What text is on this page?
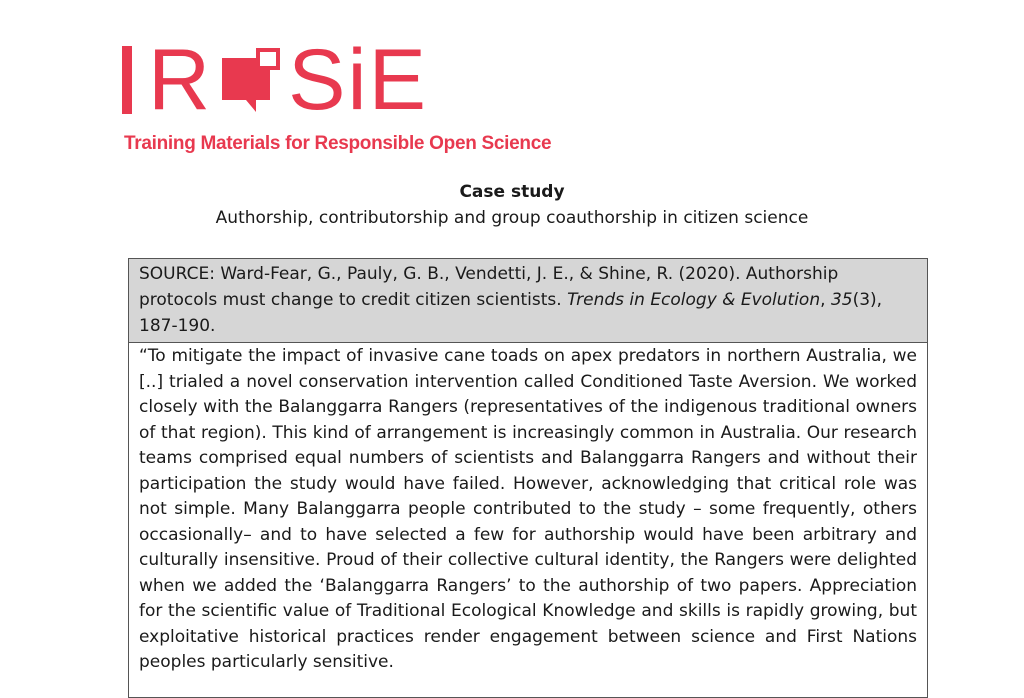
R SiE
Training Materials for Responsible Open Science
Case study
Authorship, contributorship and group coauthorship in citizen science
SOURCE: Ward-Fear, G., Pauly, G. B., Vendetti, J. E., & Shine, R. (2020). Authorship protocols must change to credit citizen scientists. Trends in Ecology & Evolution, 35(3), 187-190.
“To mitigate the impact of invasive cane toads on apex predators in northern Australia, we [..] trialed a novel conservation intervention called Conditioned Taste Aversion. We worked closely with the Balanggarra Rangers (representatives of the indigenous traditional owners of that region). This kind of arrangement is increasingly common in Australia. Our research teams comprised equal numbers of scientists and Balanggarra Rangers and without their participation the study would have failed. However, acknowledging that critical role was not simple. Many Balanggarra people contributed to the study – some frequently, others occasionally– and to have selected a few for authorship would have been arbitrary and culturally insensitive. Proud of their collective cultural identity, the Rangers were delighted when we added the ‘Balanggarra Rangers’ to the authorship of two papers. Appreciation for the scientific value of Traditional Ecological Knowledge and skills is rapidly growing, but exploitative historical practices render engagement between science and First Nations peoples particularly sensitive.
